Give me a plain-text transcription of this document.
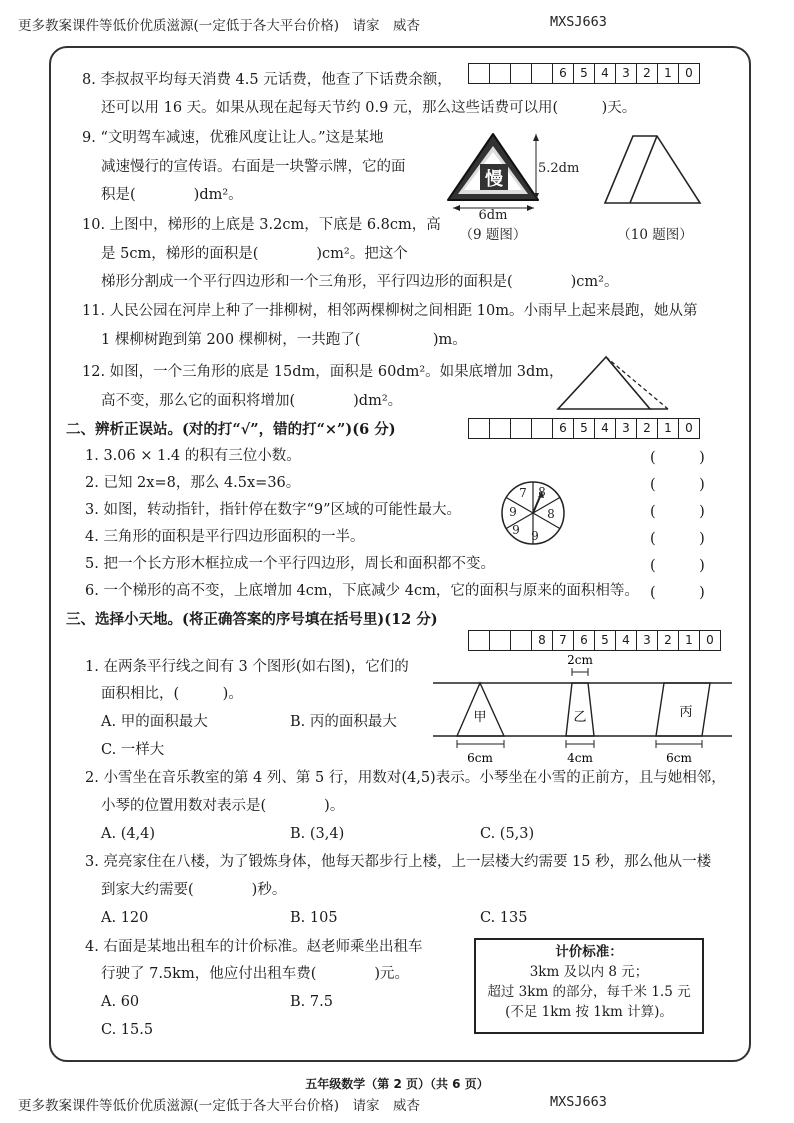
更多教案课件等低价优质滋源(一定低于各大平台价格)　请家　威杏	MXSJ663
6	5	4	3	2	1	0
8. 李叔叔平均每天消费 4.5 元话费，他查了下话费余额，
还可以用 16 天。如果从现在起每天节约 0.9 元，那么这些话费可以用(　　　)天。
9. “文明驾车减速，优雅风度让让人。”这是某地
减速慢行的宣传语。右面是一块警示牌，它的面
积是(　　　　)dm²。
慢
5.2dm
6dm
（9 题图）	（10 题图）
10. 上图中，梯形的上底是 3.2cm，下底是 6.8cm，高
是 5cm，梯形的面积是(　　　　)cm²。把这个
梯形分割成一个平行四边形和一个三角形，平行四边形的面积是(　　　　)cm²。
11. 人民公园在河岸上种了一排柳树，相邻两棵柳树之间相距 10m。小雨早上起来晨跑，她从第
1 棵柳树跑到第 200 棵柳树，一共跑了(　　　　　)m。
12. 如图，一个三角形的底是 15dm，面积是 60dm²。如果底增加 3dm，
高不变，那么它的面积将增加(　　　　)dm²。
二、辨析正误站。(对的打“√”，错的打“×”)(6 分)	6	5	4	3	2	1	0
1. 3.06 × 1.4 的积有三位小数。
2. 已知 2x=8，那么 4.5x=36。
3. 如图，转动指针，指针停在数字“9”区域的可能性最大。
4. 三角形的面积是平行四边形面积的一半。
5. 把一个长方形木框拉成一个平行四边形，周长和面积都不变。
6. 一个梯形的高不变，上底增加 4cm，下底减少 4cm，它的面积与原来的面积相等。
(　　　)
(　　　)
(　　　)
(　　　)
(　　　)
(　　　)
8
8
9
9
9
7
三、选择小天地。(将正确答案的序号填在括号里)(12 分)
8	7	6	5	4	3	2	1	0
1. 在两条平行线之间有 3 个图形(如右图)，它们的
面积相比，(　　　)。
A. 甲的面积最大	B. 丙的面积最大
C. 一样大
甲	乙
2cm
丙
6cm	4cm	6cm
2. 小雪坐在音乐教室的第 4 列、第 5 行，用数对(4,5)表示。小琴坐在小雪的正前方，且与她相邻，
小琴的位置用数对表示是(　　　　)。
A. (4,4)	B. (3,4)	C. (5,3)
3. 亮亮家住在八楼，为了锻炼身体，他每天都步行上楼，上一层楼大约需要 15 秒，那么他从一楼
到家大约需要(　　　　)秒。
A. 120	B. 105	C. 135
4. 右面是某地出租车的计价标准。赵老师乘坐出租车
行驶了 7.5km，他应付出租车费(　　　　)元。
A. 60	B. 7.5
C. 15.5
计价标准：
3km 及以内 8 元；
超过 3km 的部分，每千米 1.5 元
(不足 1km 按 1km 计算)。
五年级数学（第 2 页）（共 6 页）
更多教案课件等低价优质滋源(一定低于各大平台价格)　请家　威杏	MXSJ663
